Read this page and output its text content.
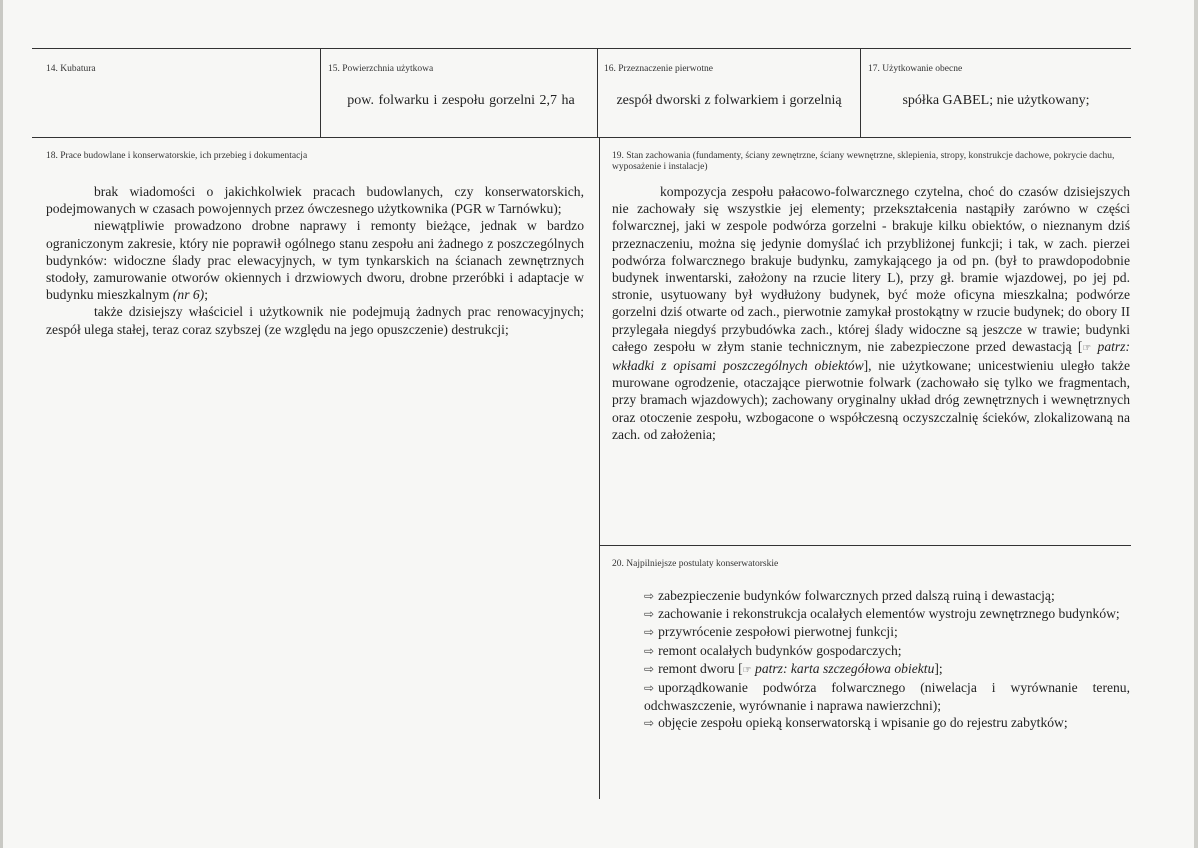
14. Kubatura	15. Powierzchnia użytkowa
pow. folwarku i zespołu gorzelni 2,7 ha
16. Przeznaczenie pierwotne
zespół dworski z folwarkiem i gorzelnią
17. Użytkowanie obecne
spółka GABEL; nie użytkowany;
18. Prace budowlane i konserwatorskie, ich przebieg i dokumentacja

brak wiadomości o jakichkolwiek pracach budowlanych, czy konserwatorskich, podejmowanych w czasach powojennych przez ówczesnego użytkownika (PGR w Tarnówku);

niewątpliwie prowadzono drobne naprawy i remonty bieżące, jednak w bardzo ograniczonym zakresie, który nie poprawił ogólnego stanu zespołu ani żadnego z poszczególnych budynków: widoczne ślady prac elewacyjnych, w tym tynkarskich na ścianach zewnętrznych stodoły, zamurowanie otworów okiennych i drzwiowych dworu, drobne przeróbki i adaptacje w budynku mieszkalnym (nr 6);

także dzisiejszy właściciel i użytkownik nie podejmują żadnych prac renowacyjnych; zespół ulega stałej, teraz coraz szybszej (ze względu na jego opuszczenie) destrukcji;

19. Stan zachowania (fundamenty, ściany zewnętrzne, ściany wewnętrzne, sklepienia, stropy, konstrukcje dachowe, pokrycie dachu, wyposażenie i instalacje)

kompozycja zespołu pałacowo-folwarcznego czytelna, choć do czasów dzisiejszych nie zachowały się wszystkie jej elementy; przekształcenia nastąpiły zarówno w części folwarcznej, jaki w zespole podwórza gorzelni - brakuje kilku obiektów, o nieznanym dziś przeznaczeniu, można się jedynie domyślać ich przybliżonej funkcji; i tak, w zach. pierzei podwórza folwarcznego brakuje budynku, zamykającego ja od pn. (był to prawdopodobnie budynek inwentarski, założony na rzucie litery L), przy gł. bramie wjazdowej, po jej pd. stronie, usytuowany był wydłużony budynek, być może oficyna mieszkalna; podwórze gorzelni dziś otwarte od zach., pierwotnie zamykał prostokątny w rzucie budynek; do obory II przylegała niegdyś przybudówka zach., której ślady widoczne są jeszcze w trawie; budynki całego zespołu w złym stanie technicznym, nie zabezpieczone przed dewastacją [☞ patrz: wkładki z opisami poszczególnych obiektów], nie użytkowane; unicestwieniu uległo także murowane ogrodzenie, otaczające pierwotnie folwark (zachowało się tylko we fragmentach, przy bramach wjazdowych); zachowany oryginalny układ dróg zewnętrznych i wewnętrznych oraz otoczenie zespołu, wzbogacone o współczesną oczyszczalnię ścieków, zlokalizowaną na zach. od założenia;

20. Najpilniejsze postulaty konserwatorskie

⇨ zabezpieczenie budynków folwarcznych przed dalszą ruiną i dewastacją;

⇨ zachowanie i rekonstrukcja ocalałych elementów wystroju zewnętrznego budynków;

⇨ przywrócenie zespołowi pierwotnej funkcji;

⇨ remont ocalałych budynków gospodarczych;

⇨ remont dworu [☞ patrz: karta szczegółowa obiektu];

⇨ uporządkowanie podwórza folwarcznego (niwelacja i wyrównanie terenu, odchwaszczenie, wyrównanie i naprawa nawierzchni);

⇨ objęcie zespołu opieką konserwatorską i wpisanie go do rejestru zabytków;
